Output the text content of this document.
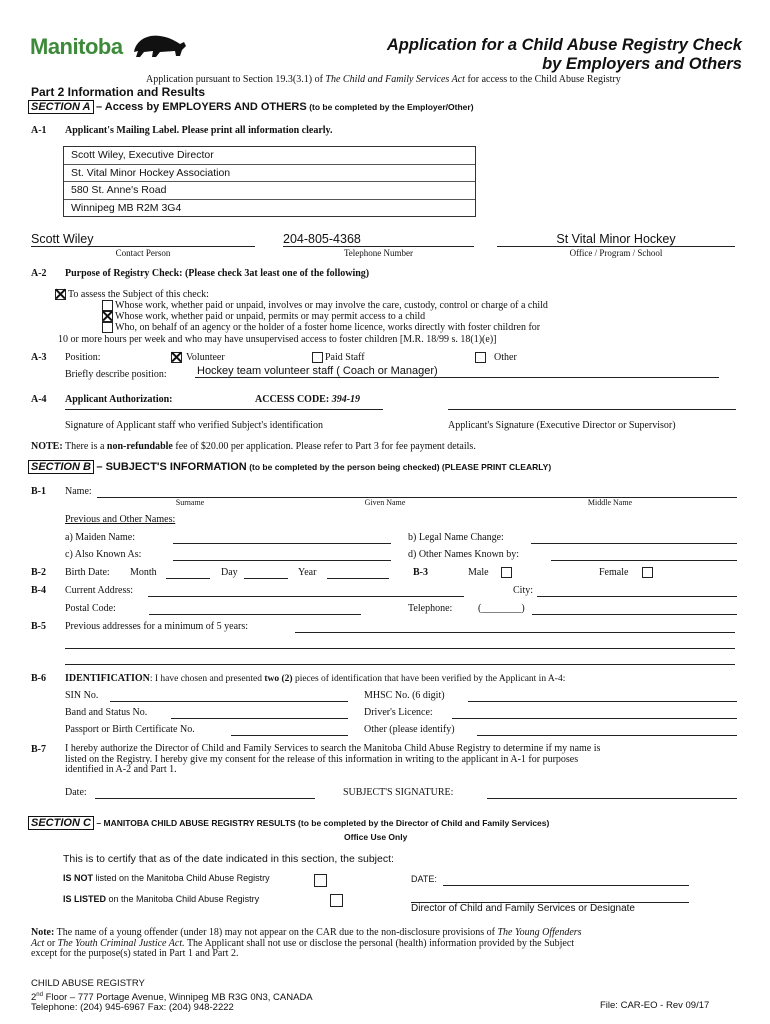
Manitoba	Application for a Child Abuse Registry Check
by Employers and Others
Application pursuant to Section 19.3(3.1) of The Child and Family Services Act for access to the Child Abuse Registry
Part 2 Information and Results
SECTION A – Access by EMPLOYERS AND OTHERS (to be completed by the Employer/Other)
A-1 Applicant's Mailing Label. Please print all information clearly.
Scott Wiley, Executive Director
St. Vital Minor Hockey Association
580 St. Anne's Road
Winnipeg MB R2M 3G4
Scott Wiley
Contact Person
204-805-4368
Telephone Number
St Vital Minor Hockey
Office / Program / School
A-2 Purpose of Registry Check: (Please check 3at least one of the following)
To assess the Subject of this check:
Whose work, whether paid or unpaid, involves or may involve the care, custody, control or charge of a child
Whose work, whether paid or unpaid, permits or may permit access to a child
Who, on behalf of an agency or the holder of a foster home licence, works directly with foster children for
10 or more hours per week and who may have unsupervised access to foster children [M.R. 18/99 s. 18(1)(e)]
A-3 Position:	Volunteer	Paid Staff	Other
Briefly describe position:	Hockey team volunteer staff ( Coach or Manager)
A-4 Applicant Authorization:	ACCESS CODE: 394-19
Signature of Applicant staff who verified Subject's identification	Applicant's Signature (Executive Director or Supervisor)
NOTE: There is a non-refundable fee of $20.00 per application. Please refer to Part 3 for fee payment details.
SECTION B – SUBJECT'S INFORMATION (to be completed by the person being checked) (PLEASE PRINT CLEARLY)
B-1 Name:
Surname	Given Name	Middle Name
Previous and Other Names:
a) Maiden Name:	b) Legal Name Change:
c) Also Known As:	d) Other Names Known by:
B-2 Birth Date: Month	Day	Year	B-3	Male	Female
B-4 Current Address:	City:
Postal Code:	Telephone:	(________)
B-5 Previous addresses for a minimum of 5 years:
B-6 IDENTIFICATION: I have chosen and presented two (2) pieces of identification that have been verified by the Applicant in A-4:
SIN No.	MHSC No. (6 digit)
Band and Status No.	Driver's Licence:
Passport or Birth Certificate No.	Other (please identify)
B-7 I hereby authorize the Director of Child and Family Services to search the Manitoba Child Abuse Registry to determine if my name is
listed on the Registry. I hereby give my consent for the release of this information in writing to the applicant in A-1 for purposes
identified in A-2 and Part 1.
Date:	SUBJECT'S SIGNATURE:
SECTION C – MANITOBA CHILD ABUSE REGISTRY RESULTS (to be completed by the Director of Child and Family Services)
Office Use Only
This is to certify that as of the date indicated in this section, the subject:
IS NOT listed on the Manitoba Child Abuse Registry

IS LISTED on the Manitoba Child Abuse Registry
DATE:
Director of Child and Family Services or Designate
Note: The name of a young offender (under 18) may not appear on the CAR due to the non-disclosure provisions of The Young Offenders
Act or The Youth Criminal Justice Act. The Applicant shall not use or disclose the personal (health) information provided by the Subject
except for the purpose(s) stated in Part 1 and Part 2.
CHILD ABUSE REGISTRY
2nd Floor – 777 Portage Avenue, Winnipeg MB R3G 0N3, CANADA
Telephone: (204) 945-6967 Fax: (204) 948-2222	File: CAR-EO - Rev 09/17
